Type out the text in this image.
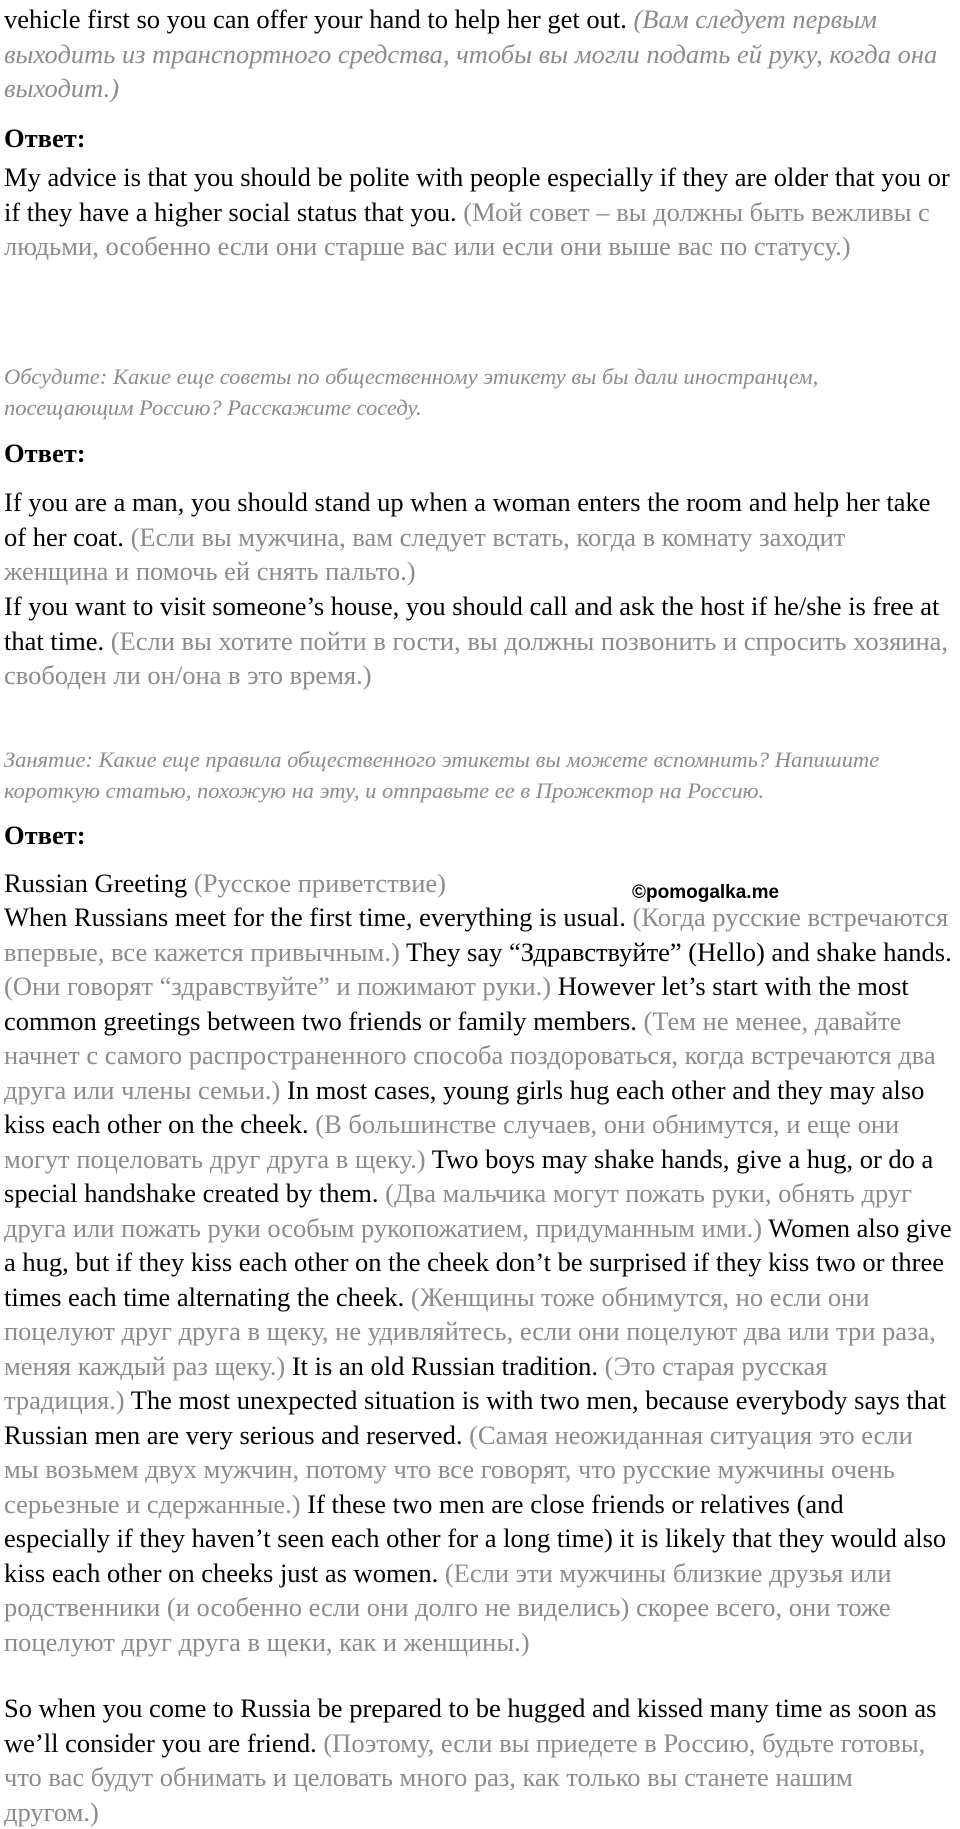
vehicle first so you can offer your hand to help her get out. (Вам следует первым выходить из транспортного средства, чтобы вы могли подать ей руку, когда она выходит.)

Ответ:

My advice is that you should be polite with people especially if they are older that you or if they have a higher social status that you. (Мой совет – вы должны быть вежливы с людьми, особенно если они старше вас или если они выше вас по статусу.)

Обсудите: Какие еще советы по общественному этикету вы бы дали иностранцем, посещающим Россию? Расскажите соседу.

Ответ:

If you are a man, you should stand up when a woman enters the room and help her take of her coat. (Если вы мужчина, вам следует встать, когда в комнату заходит женщина и помочь ей снять пальто.)

If you want to visit someone’s house, you should call and ask the host if he/she is free at that time. (Если вы хотите пойти в гости, вы должны позвонить и спросить хозяина, свободен ли он/она в это время.)

Занятие: Какие еще правила общественного этикеты вы можете вспомнить? Напишите короткую статью, похожую на эту, и отправьте ее в Прожектор на Россию.

Ответ:

Russian Greeting (Русское приветствие)

When Russians meet for the first time, everything is usual. (Когда русские встречаются впервые, все кажется привычным.) They say “Здравствуйте” (Hello) and shake hands. (Они говорят “здравствуйте” и пожимают руки.) However let’s start with the most common greetings between two friends or family members. (Тем не менее, давайте начнет с самого распространенного способа поздороваться, когда встречаются два друга или члены семьи.) In most cases, young girls hug each other and they may also kiss each other on the cheek. (В большинстве случаев, они обнимутся, и еще они могут поцеловать друг друга в щеку.) Two boys may shake hands, give a hug, or do a special handshake created by them. (Два мальчика могут пожать руки, обнять друг друга или пожать руки особым рукопожатием, придуманным ими.) Women also give a hug, but if they kiss each other on the cheek don’t be surprised if they kiss two or three times each time alternating the cheek. (Женщины тоже обнимутся, но если они поцелуют друг друга в щеку, не удивляйтесь, если они поцелуют два или три раза, меняя каждый раз щеку.) It is an old Russian tradition. (Это старая русская традиция.) The most unexpected situation is with two men, because everybody says that Russian men are very serious and reserved. (Самая неожиданная ситуация это если мы возьмем двух мужчин, потому что все говорят, что русские мужчины очень серьезные и сдержанные.) If these two men are close friends or relatives (and especially if they haven’t seen each other for a long time) it is likely that they would also kiss each other on cheeks just as women. (Если эти мужчины близкие друзья или родственники (и особенно если они долго не виделись) скорее всего, они тоже поцелуют друг друга в щеки, как и женщины.)

So when you come to Russia be prepared to be hugged and kissed many time as soon as we’ll consider you are friend. (Поэтому, если вы приедете в Россию, будьте готовы, что вас будут обнимать и целовать много раз, как только вы станете нашим другом.)

©pomogalka.me
